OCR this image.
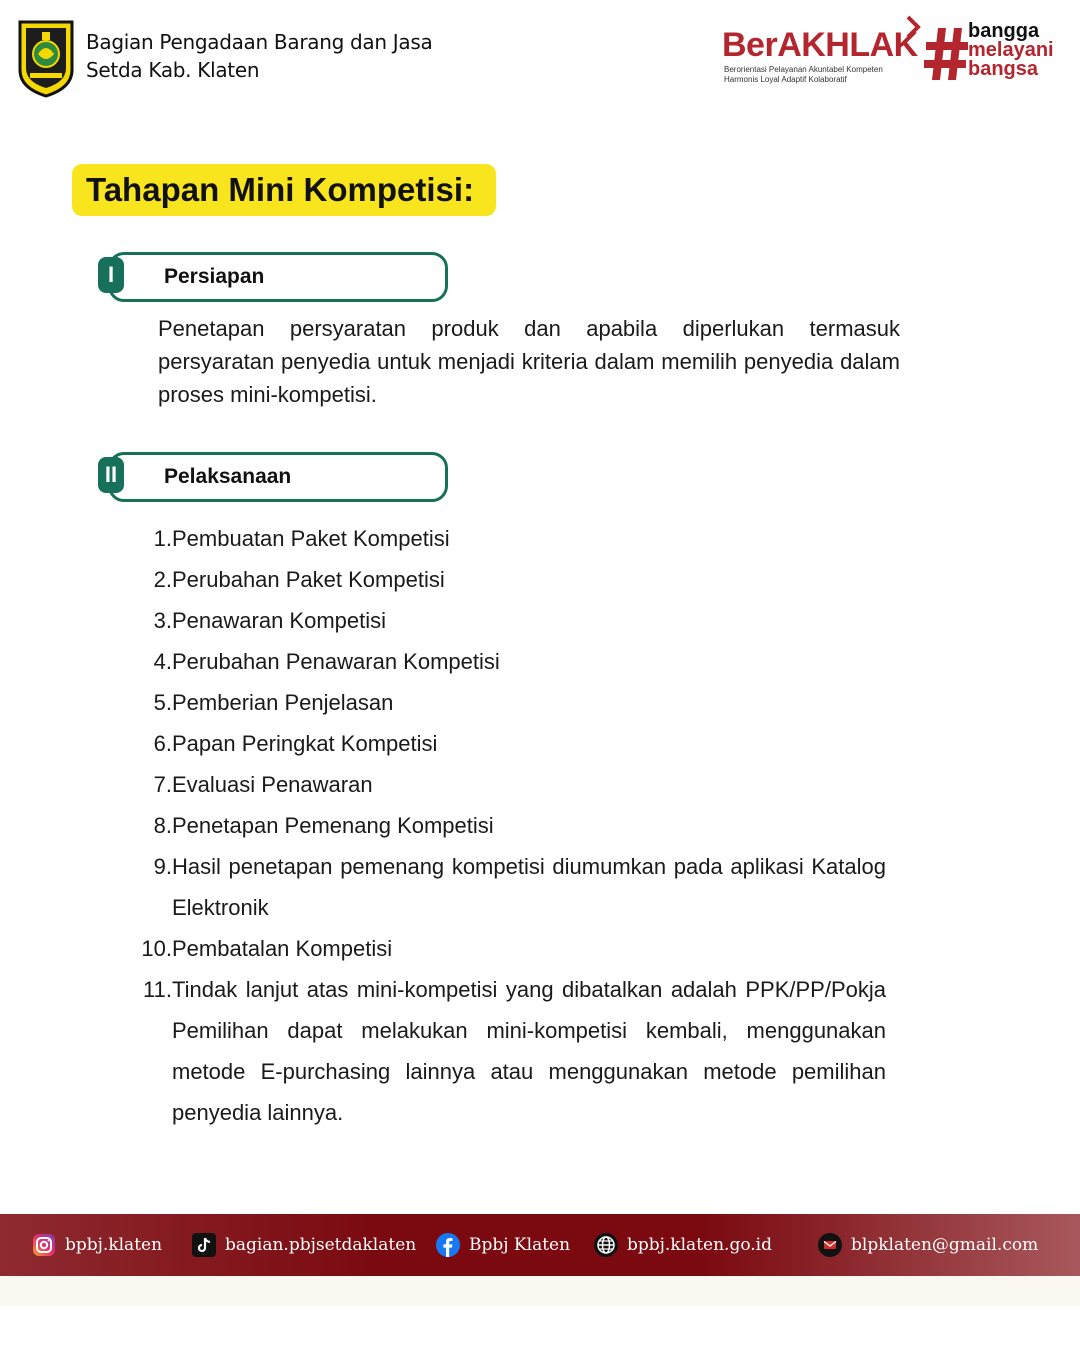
Bagian Pengadaan Barang dan Jasa
Setda Kab. Klaten
BerAKHLAK
Berorientasi Pelayanan Akuntabel Kompeten
Harmonis Loyal Adaptif Kolaboratif
bangga
melayani
bangsa
Tahapan Mini Kompetisi:
Persiapan
I
Penetapan persyaratan produk dan apabila diperlukan termasuk persyaratan penyedia untuk menjadi kriteria dalam memilih penyedia dalam proses mini-kompetisi.
Pelaksanaan
II
1. Pembuatan Paket Kompetisi
2. Perubahan Paket Kompetisi
3. Penawaran Kompetisi
4. Perubahan Penawaran Kompetisi
5. Pemberian Penjelasan
6. Papan Peringkat Kompetisi
7. Evaluasi Penawaran
8. Penetapan Pemenang Kompetisi
9. Hasil penetapan pemenang kompetisi diumumkan pada aplikasi Katalog Elektronik
10. Pembatalan Kompetisi
11. Tindak lanjut atas mini-kompetisi yang dibatalkan adalah PPK/PP/Pokja Pemilihan dapat melakukan mini-kompetisi kembali, menggunakan metode E-purchasing lainnya atau menggunakan metode pemilihan penyedia lainnya.
bpbj.klaten	bagian.pbjsetdaklaten	Bpbj Klaten	bpbj.klaten.go.id	blpklaten@gmail.com
